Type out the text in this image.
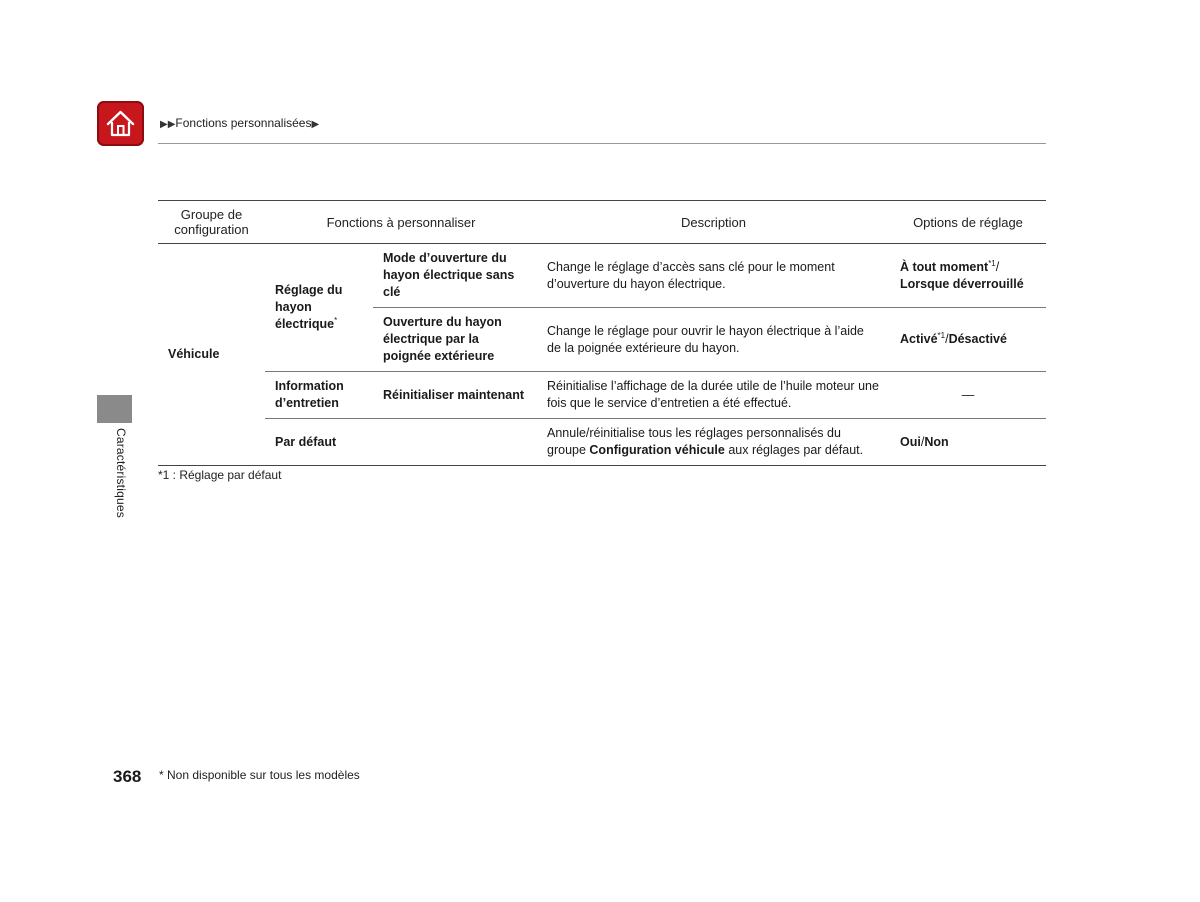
▶▶Fonctions personnalisées▶
Caractéristiques
Groupe de configuration	Fonctions à personnaliser		Description	Options de réglage
Véhicule	Réglage du hayon électrique*	Mode d’ouverture du hayon électrique sans clé	Change le réglage d’accès sans clé pour le moment d’ouverture du hayon électrique.	À tout moment$^{*1}$/
Lorsque déverrouillé
		Ouverture du hayon électrique par la poignée extérieure	Change le réglage pour ouvrir le hayon électrique à l’aide de la poignée extérieure du hayon.	Activé$^{*1}$/Désactivé
	Information d’entretien	Réinitialiser maintenant	Réinitialise l’affichage de la durée utile de l’huile moteur une fois que le service d’entretien a été effectué.	—
	Par défaut		Annule/réinitialise tous les réglages personnalisés du groupe Configuration véhicule aux réglages par défaut.	Oui/Non
*1 : Réglage par défaut
368 * Non disponible sur tous les modèles
